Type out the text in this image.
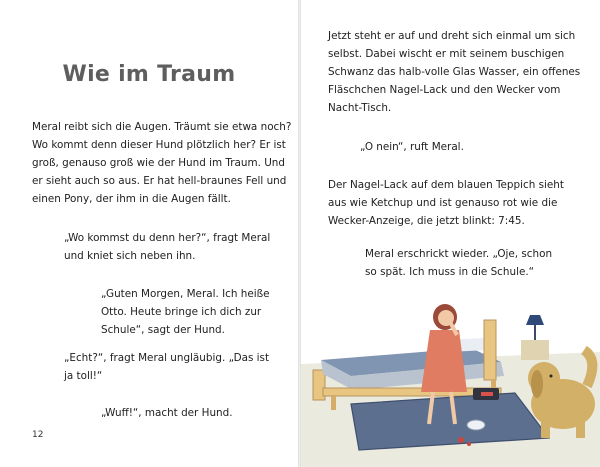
Wie im Traum
Meral reibt sich die Augen. Träumt sie etwa noch?
Wo kommt denn dieser Hund plötzlich her? Er ist
groß, genauso groß wie der Hund im Traum. Und
er sieht auch so aus. Er hat hell-braunes Fell und
einen Pony, der ihm in die Augen fällt.
„Wo kommst du denn her?“, fragt Meral
und kniet sich neben ihn.
„Guten Morgen, Meral. Ich heiße
Otto. Heute bringe ich dich zur
Schule“, sagt der Hund.
„Echt?“, fragt Meral ungläubig. „Das ist
ja toll!“
„Wuff!“, macht der Hund.
12
Jetzt steht er auf und dreht sich einmal um sich
selbst. Dabei wischt er mit seinem buschigen
Schwanz das halb-volle Glas Wasser, ein offenes
Fläschchen Nagel-Lack und den Wecker vom
Nacht-Tisch.
„O nein“, ruft Meral.
Der Nagel-Lack auf dem blauen Teppich sieht
aus wie Ketchup und ist genauso rot wie die
Wecker-Anzeige, die jetzt blinkt: 7:45.
Meral erschrickt wieder. „Oje, schon
so spät. Ich muss in die Schule.“
